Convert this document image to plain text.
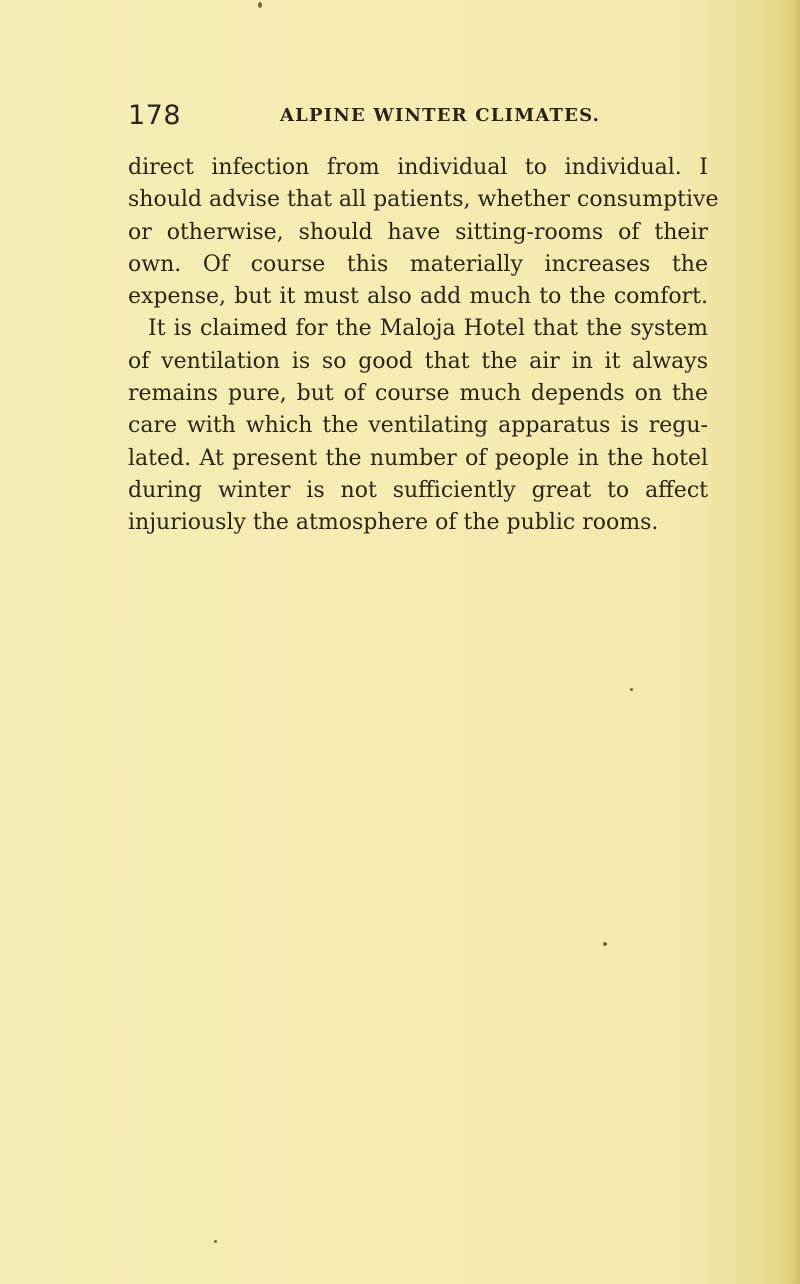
178	ALPINE WINTER CLIMATES.
direct infection from individual to individual. I
should advise that all patients, whether consumptive
or otherwise, should have sitting-rooms of their
own. Of course this materially increases the
expense, but it must also add much to the comfort.
It is claimed for the Maloja Hotel that the system
of ventilation is so good that the air in it always
remains pure, but of course much depends on the
care with which the ventilating apparatus is regu-
lated. At present the number of people in the hotel
during winter is not sufficiently great to affect
injuriously the atmosphere of the public rooms.
